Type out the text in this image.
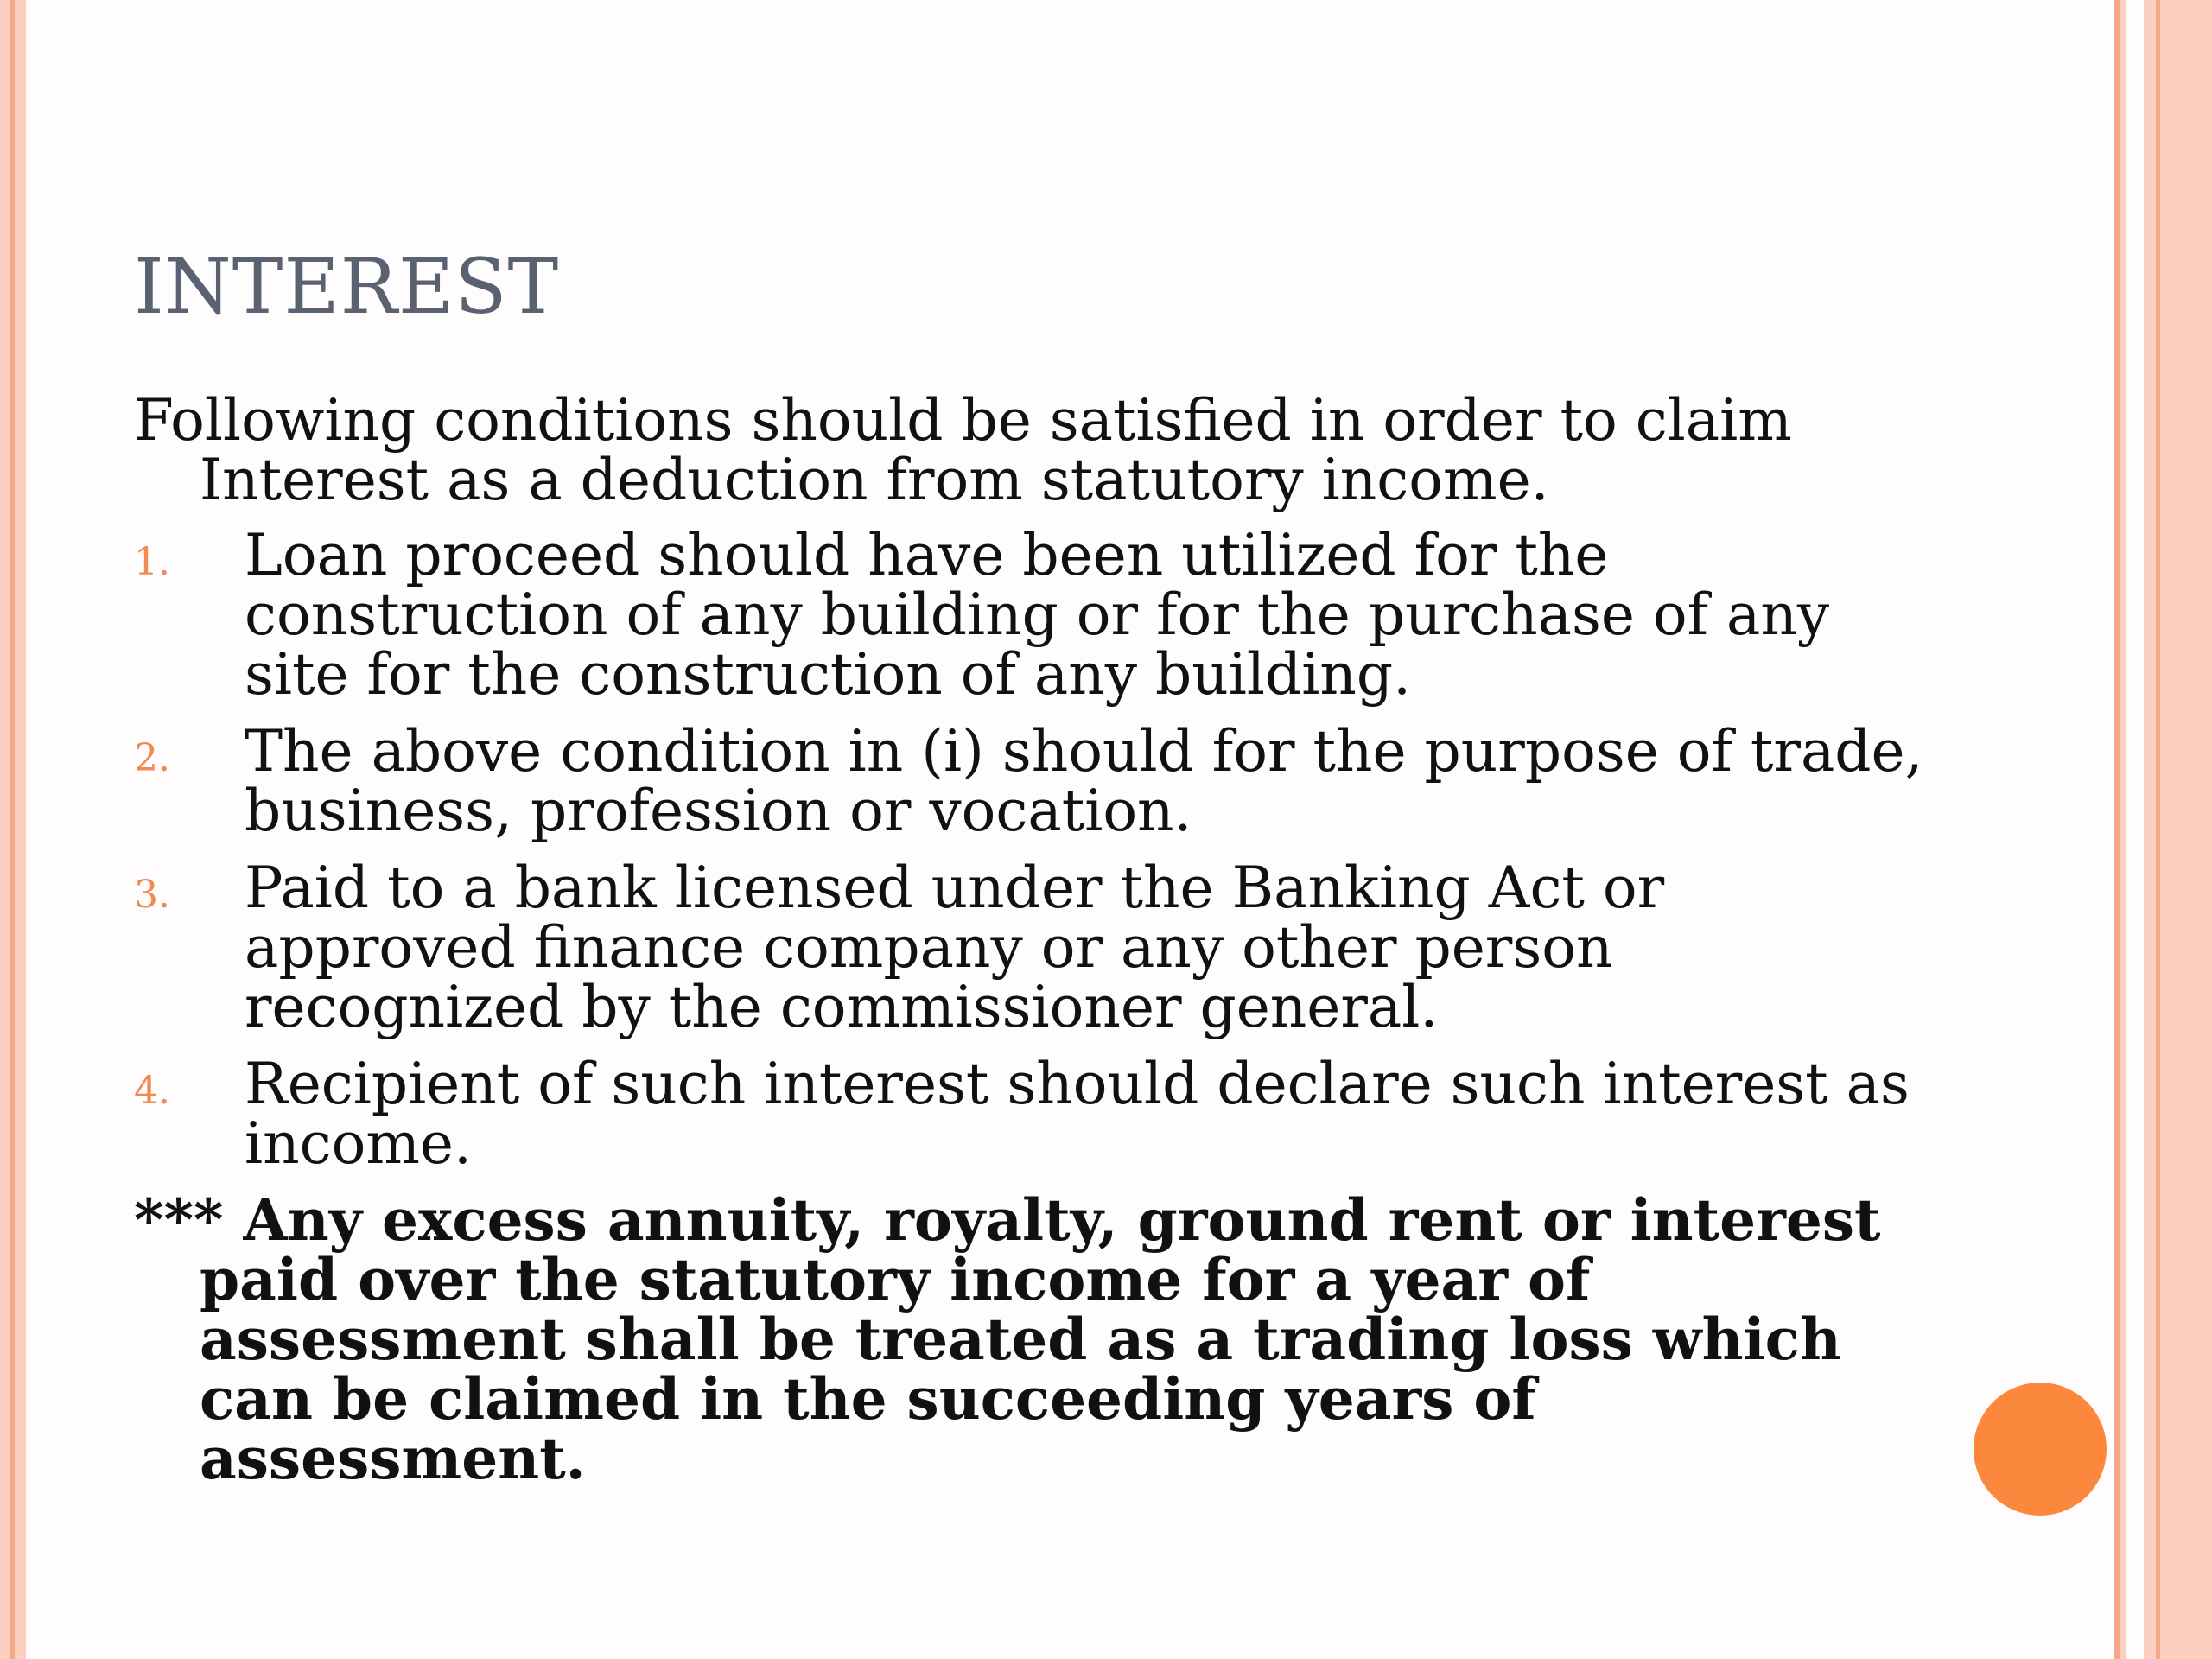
INTEREST

Following conditions should be satisfied in order to claim Interest as a deduction from statutory income.

1. Loan proceed should have been utilized for the construction of any building or for the purchase of any site for the construction of any building.
2. The above condition in (i) should for the purpose of trade, business, profession or vocation.
3. Paid to a bank licensed under the Banking Act or approved finance company or any other person recognized by the commissioner general.
4. Recipient of such interest should declare such interest as income.

*** Any excess annuity, royalty, ground rent or interest paid over the statutory income for a year of assessment shall be treated as a trading loss which can be claimed in the succeeding years of assessment.
